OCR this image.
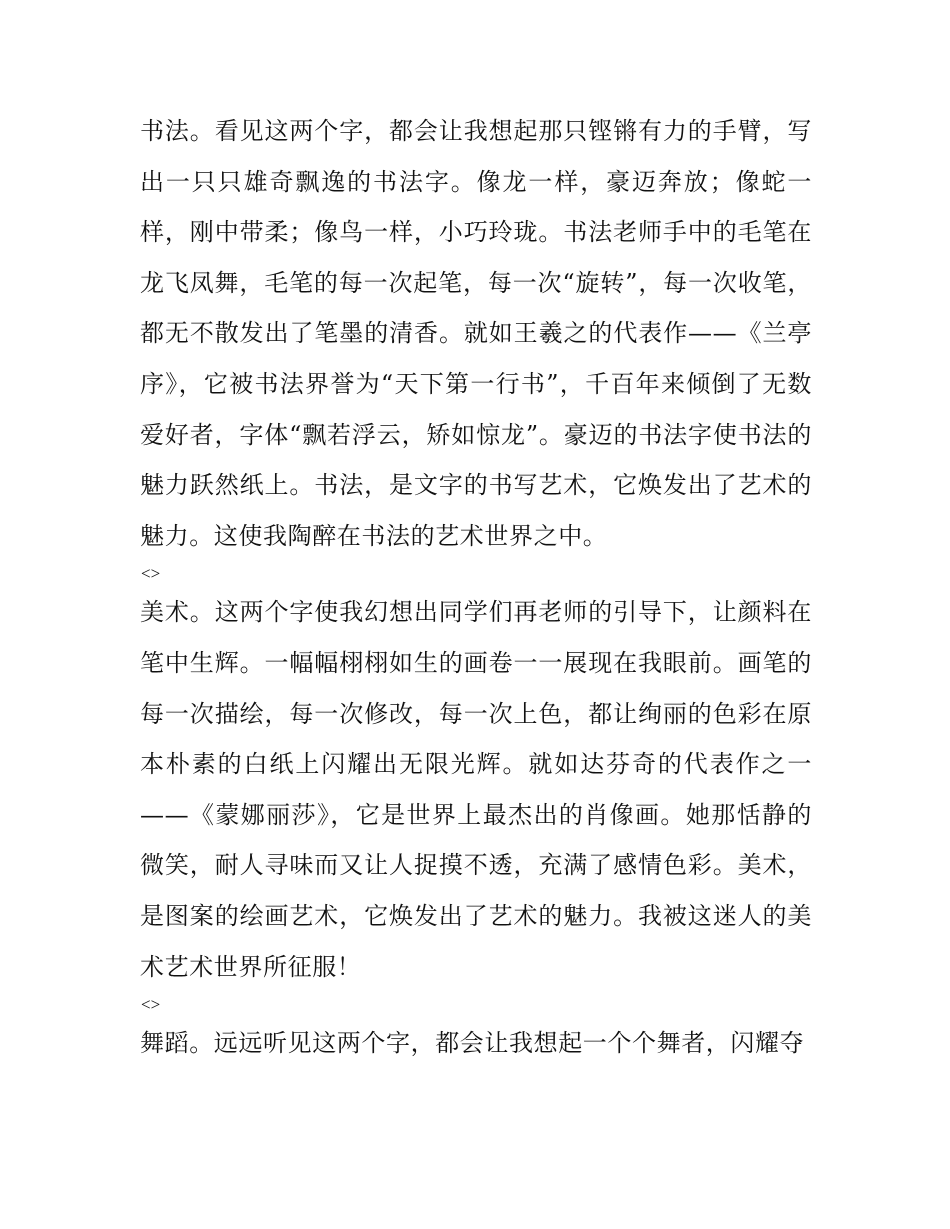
书法。看见这两个字，都会让我想起那只铿锵有力的手臂，写出一只只雄奇飘逸的书法字。像龙一样，豪迈奔放；像蛇一样，刚中带柔；像鸟一样，小巧玲珑。书法老师手中的毛笔在龙飞凤舞，毛笔的每一次起笔，每一次“旋转”，每一次收笔，都无不散发出了笔墨的清香。就如王羲之的代表作——《兰亭序》，它被书法界誉为“天下第一行书”，千百年来倾倒了无数爱好者，字体“飘若浮云，矫如惊龙”。豪迈的书法字使书法的魅力跃然纸上。书法，是文字的书写艺术，它焕发出了艺术的魅力。这使我陶醉在书法的艺术世界之中。

<>

美术。这两个字使我幻想出同学们再老师的引导下，让颜料在笔中生辉。一幅幅栩栩如生的画卷一一展现在我眼前。画笔的每一次描绘，每一次修改，每一次上色，都让绚丽的色彩在原本朴素的白纸上闪耀出无限光辉。就如达芬奇的代表作之一——《蒙娜丽莎》，它是世界上最杰出的肖像画。她那恬静的微笑，耐人寻味而又让人捉摸不透，充满了感情色彩。美术，是图案的绘画艺术，它焕发出了艺术的魅力。我被这迷人的美术艺术世界所征服！

<>

舞蹈。远远听见这两个字，都会让我想起一个个舞者，闪耀夺
